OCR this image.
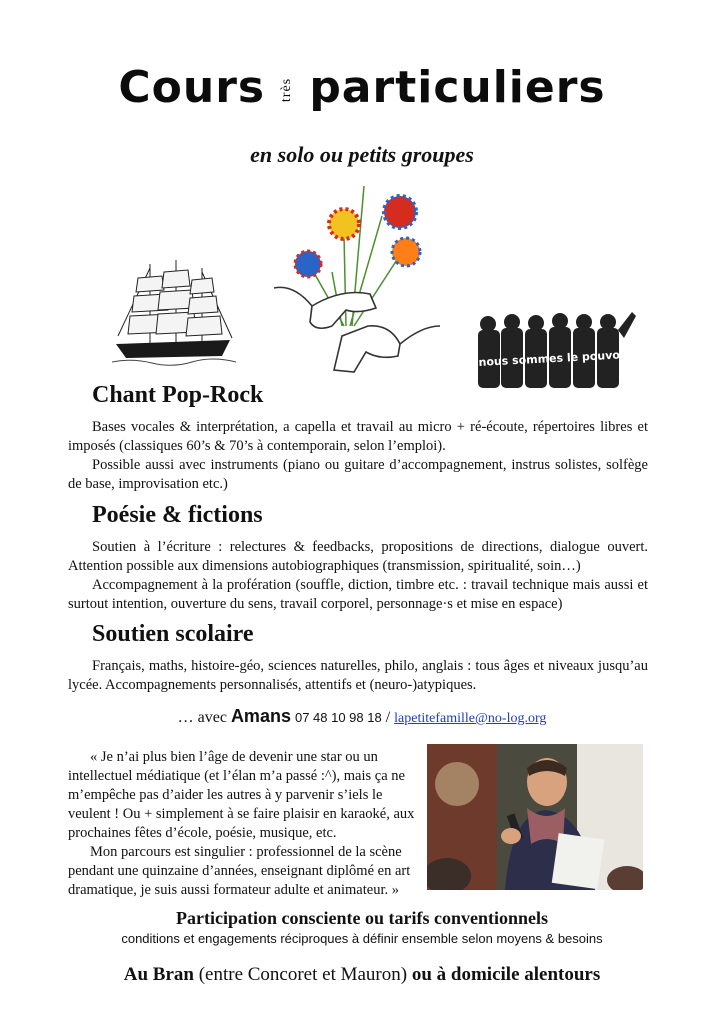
Cours très particuliers
en solo ou petits groupes
nous sommes le pouvoir
Chant Pop-Rock

Bases vocales & interprétation, a capella et travail au micro + ré-écoute, répertoires libres et imposés (classiques 60’s & 70’s à contemporain, selon l’emploi).

Possible aussi avec instruments (piano ou guitare d’accompagnement, instrus solistes, solfège de base, improvisation etc.)

Poésie & fictions

Soutien à l’écriture : relectures & feedbacks, propositions de directions, dialogue ouvert. Attention possible aux dimensions autobiographiques (transmission, spiritualité, soin…)

Accompagnement à la profération (souffle, diction, timbre etc. : travail technique mais aussi et surtout intention, ouverture du sens, travail corporel, personnage·s et mise en espace)

Soutien scolaire

Français, maths, histoire-géo, sciences naturelles, philo, anglais : tous âges et niveaux jusqu’au lycée. Accompagnements personnalisés, attentifs et (neuro-)atypiques.

… avec Amans 07 48 10 98 18 / lapetitefamille@no-log.org

« Je n’ai plus bien l’âge de devenir une star ou un intellectuel médiatique (et l’élan m’a passé :^), mais ça ne m’empêche pas d’aider les autres à y parvenir s’iels le veulent ! Ou + simplement à se faire plaisir en karaoké, aux prochaines fêtes d’école, poésie, musique, etc.

Mon parcours est singulier : professionnel de la scène pendant une quinzaine d’années, enseignant diplômé en art dramatique, je suis aussi formateur adulte et animateur. »

Participation consciente ou tarifs conventionnels
conditions et engagements réciproques à définir ensemble selon moyens & besoins
Au Bran (entre Concoret et Mauron) ou à domicile alentours
